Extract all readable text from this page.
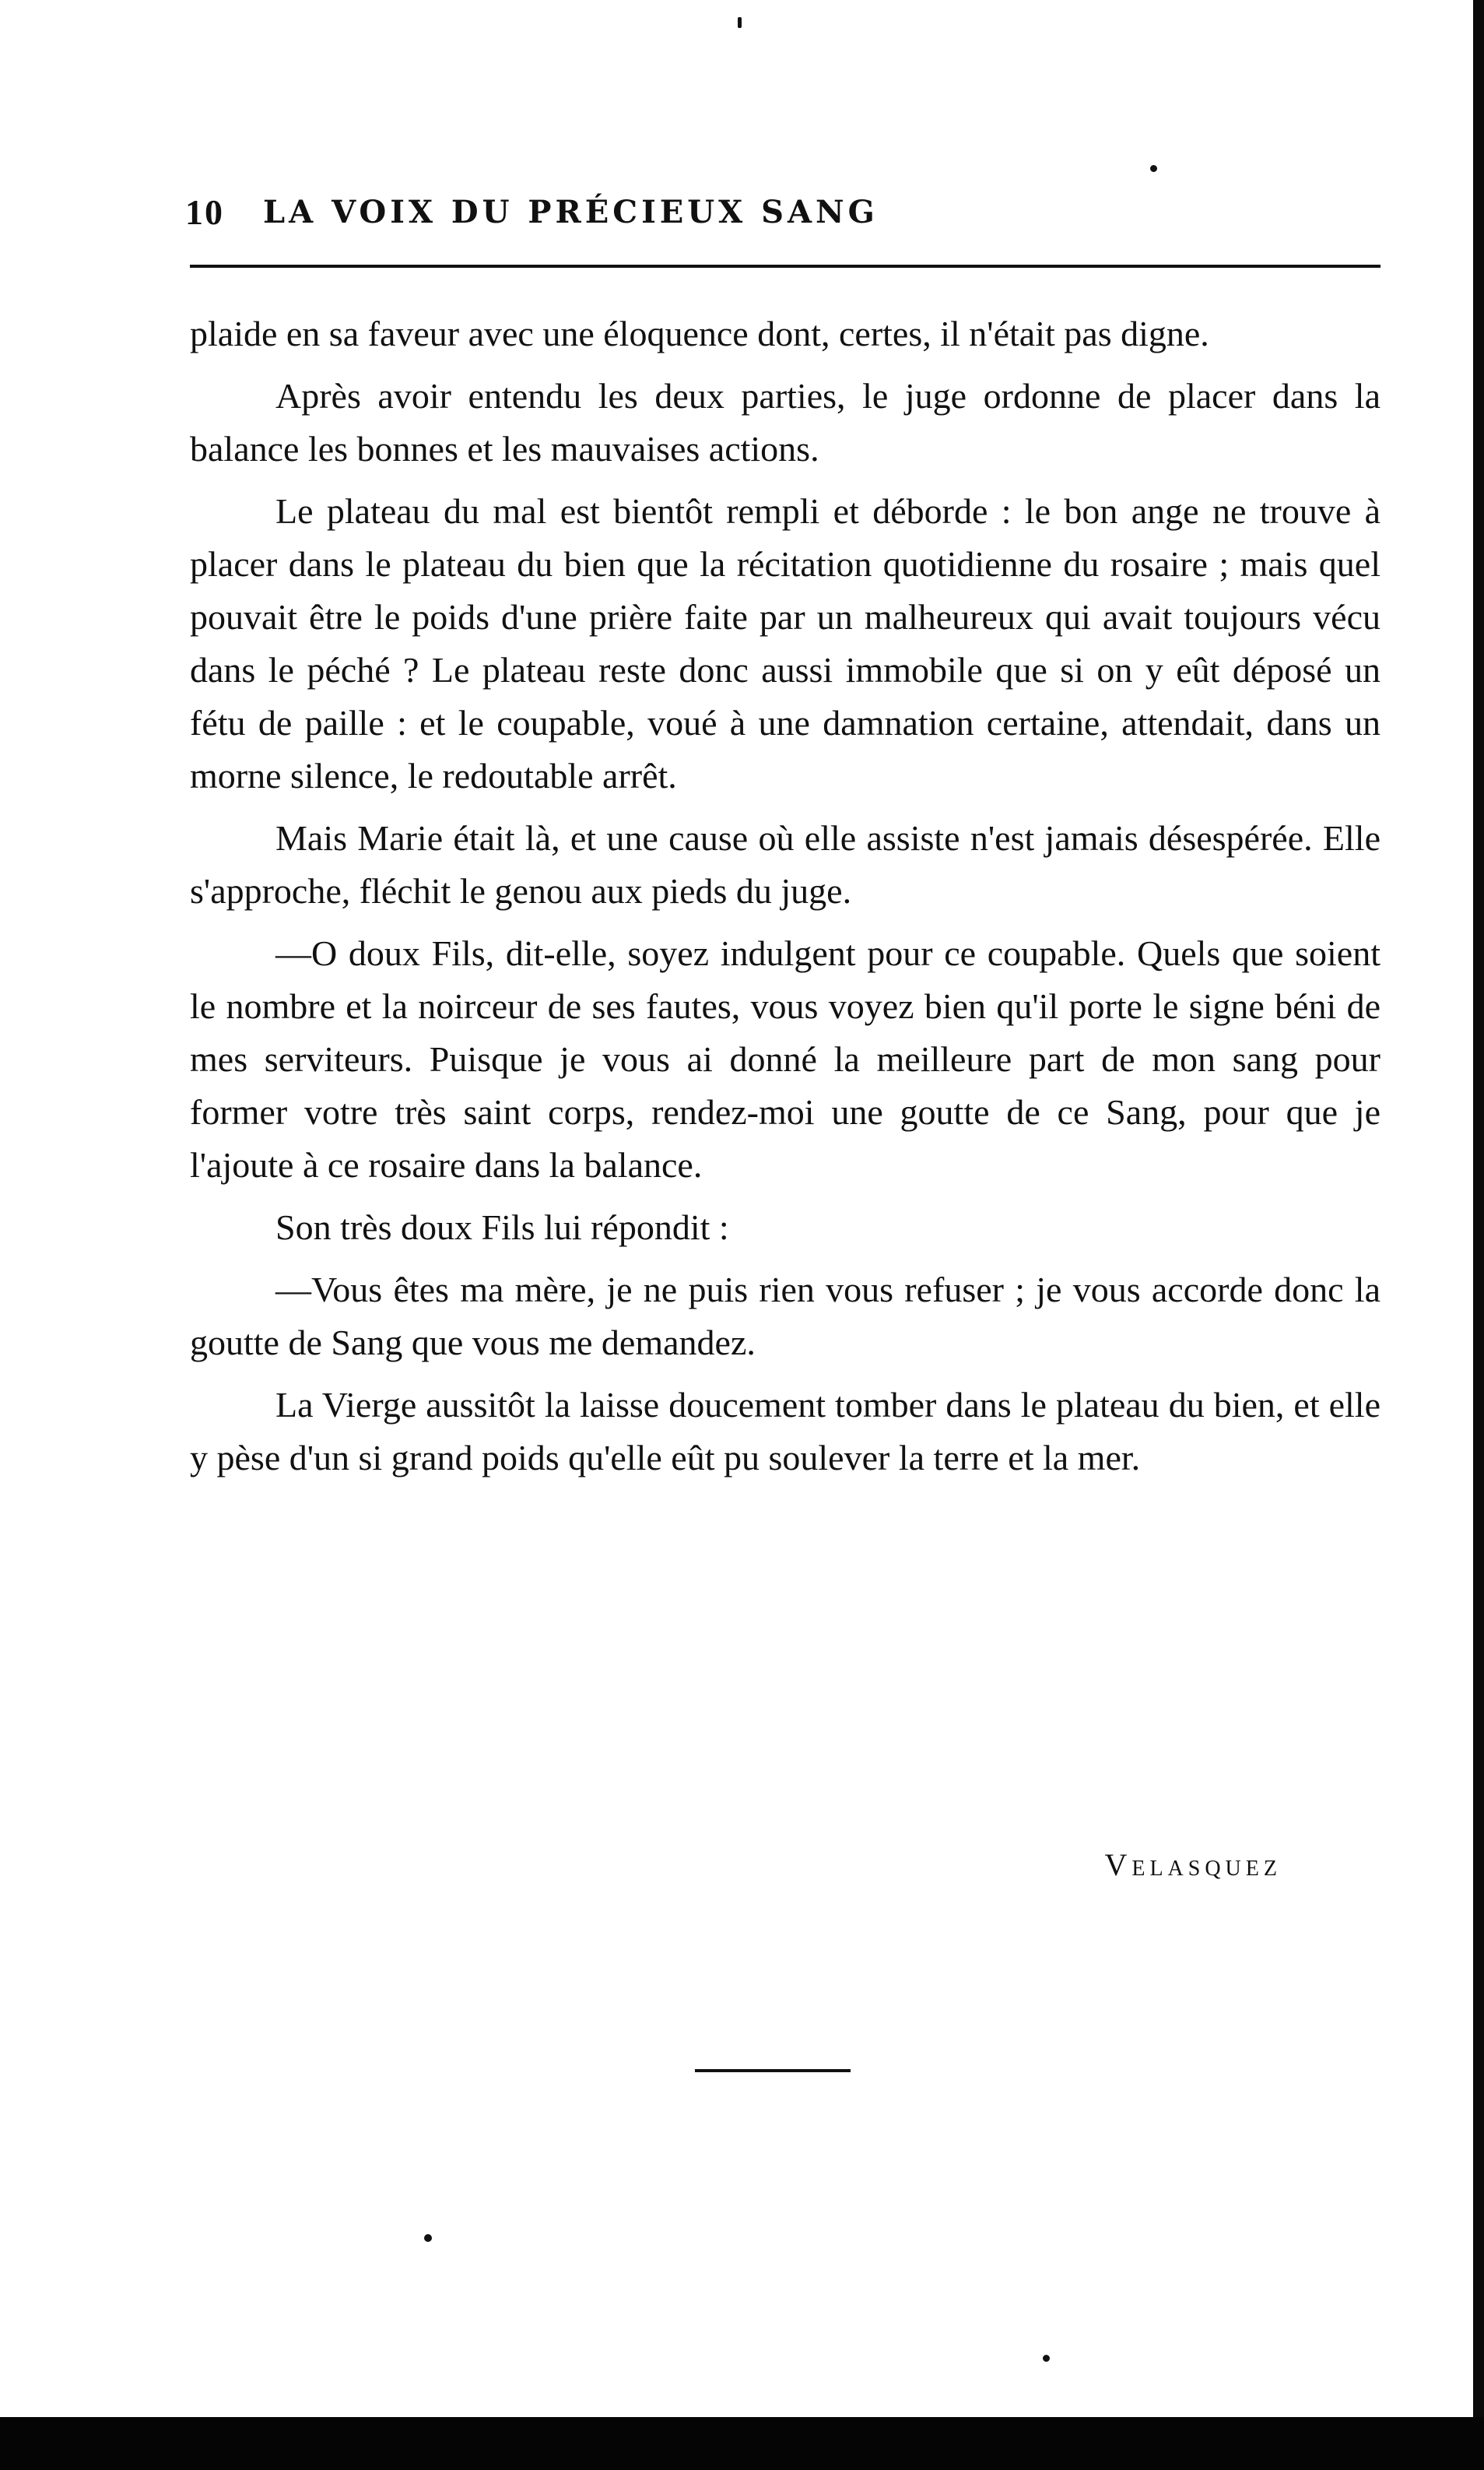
10 LA VOIX DU PRÉCIEUX SANG

plaide en sa faveur avec une éloquence dont, certes, il n'était pas digne.

Après avoir entendu les deux parties, le juge ordonne de placer dans la balance les bonnes et les mauvaises actions.

Le plateau du mal est bientôt rempli et déborde : le bon ange ne trouve à placer dans le plateau du bien que la récitation quotidienne du rosaire ; mais quel pouvait être le poids d'une prière faite par un malheureux qui avait toujours vécu dans le péché ? Le plateau reste donc aussi immobile que si on y eût déposé un fétu de paille : et le coupable, voué à une damnation certaine, attendait, dans un morne silence, le redoutable arrêt.

Mais Marie était là, et une cause où elle assiste n'est jamais désespérée. Elle s'approche, fléchit le genou aux pieds du juge.

—O doux Fils, dit-elle, soyez indulgent pour ce coupable. Quels que soient le nombre et la noirceur de ses fautes, vous voyez bien qu'il porte le signe béni de mes serviteurs. Puisque je vous ai donné la meilleure part de mon sang pour former votre très saint corps, rendez-moi une goutte de ce Sang, pour que je l'ajoute à ce rosaire dans la balance.

Son très doux Fils lui répondit :

—Vous êtes ma mère, je ne puis rien vous refuser ; je vous accorde donc la goutte de Sang que vous me demandez.

La Vierge aussitôt la laisse doucement tomber dans le plateau du bien, et elle y pèse d'un si grand poids qu'elle eût pu soulever la terre et la mer.

Velasquez
